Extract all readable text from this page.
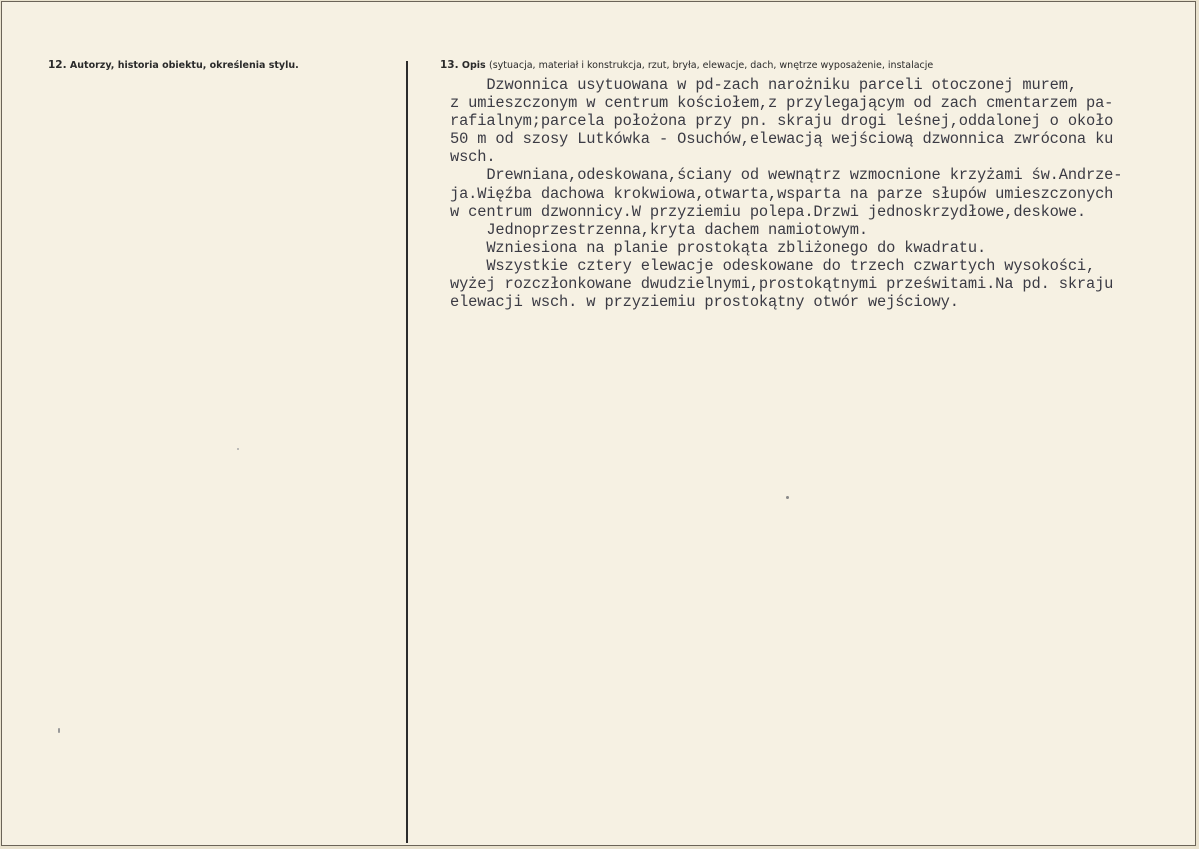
12. Autorzy, historia obiektu, określenia stylu.	13. Opis (sytuacja, materiał i konstrukcja, rzut, bryła, elewacje, dach, wnętrze wyposażenie, instalacje
Dzwonnica usytuowana w pd-zach narożniku parceli otoczonej murem,
z umieszczonym w centrum kościołem,z przylegającym od zach cmentarzem pa-
rafialnym;parcela położona przy pn. skraju drogi leśnej,oddalonej o około
50 m od szosy Lutkówka - Osuchów,elewacją wejściową dzwonnica zwrócona ku
wsch.
Drewniana,odeskowana,ściany od wewnątrz wzmocnione krzyżami św.Andrze-
ja.Więźba dachowa krokwiowa,otwarta,wsparta na parze słupów umieszczonych
w centrum dzwonnicy.W przyziemiu polepa.Drzwi jednoskrzydłowe,deskowe.
Jednoprzestrzenna,kryta dachem namiotowym.
Wzniesiona na planie prostokąta zbliżonego do kwadratu.
Wszystkie cztery elewacje odeskowane do trzech czwartych wysokości,
wyżej rozczłonkowane dwudzielnymi,prostokątnymi prześwitami.Na pd. skraju
elewacji wsch. w przyziemiu prostokątny otwór wejściowy.
